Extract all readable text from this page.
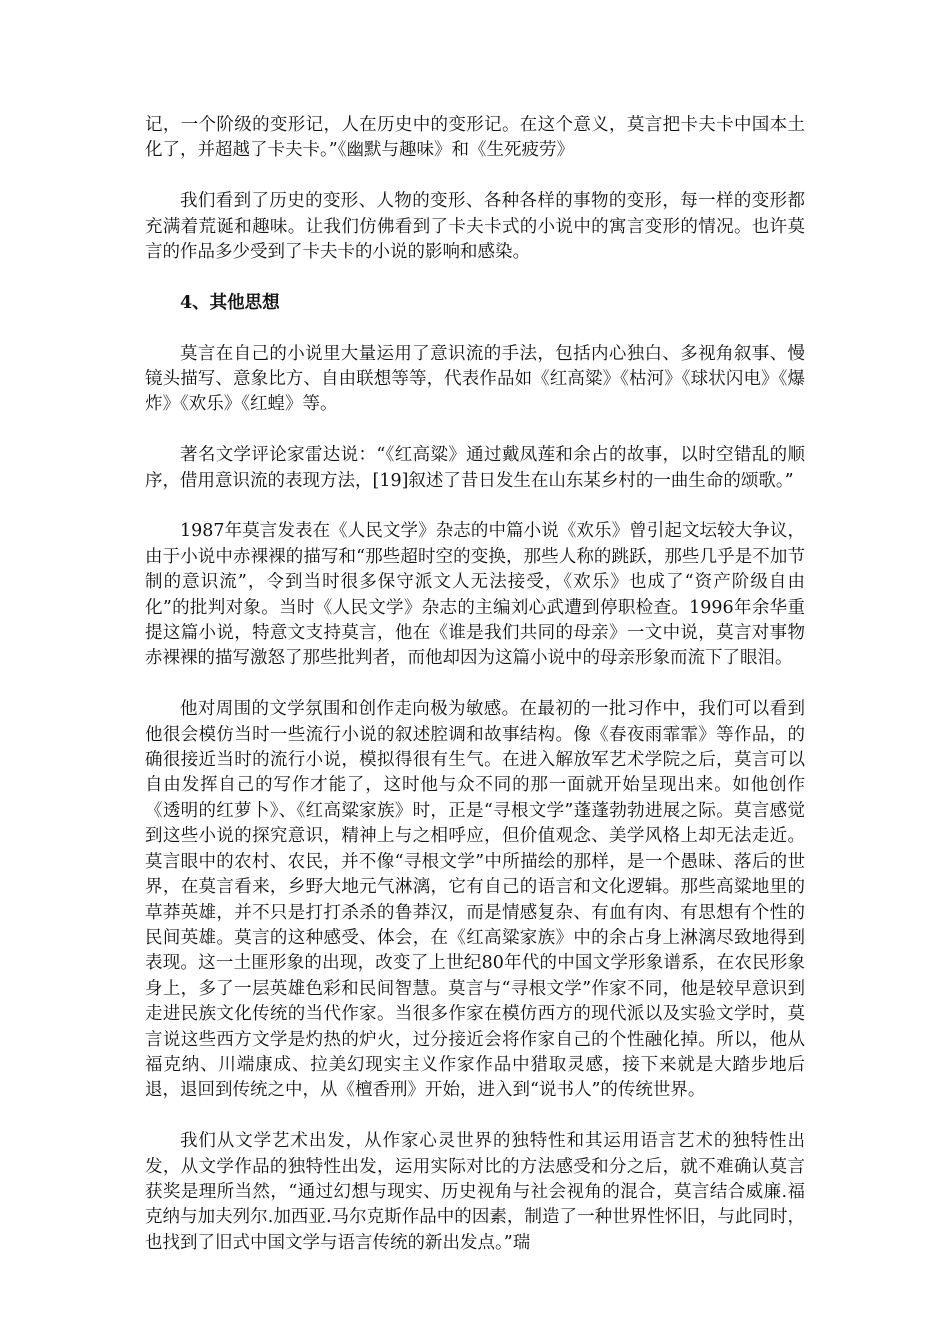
记，一个阶级的变形记，人在历史中的变形记。在这个意义，莫言把卡夫卡中国本土化了，并超越了卡夫卡。”《幽默与趣味》和《生死疲劳》

我们看到了历史的变形、人物的变形、各种各样的事物的变形，每一样的变形都充满着荒诞和趣味。让我们仿佛看到了卡夫卡式的小说中的寓言变形的情况。也许莫言的作品多少受到了卡夫卡的小说的影响和感染。

4、其他思想

莫言在自己的小说里大量运用了意识流的手法，包括内心独白、多视角叙事、慢镜头描写、意象比方、自由联想等等，代表作品如《红高粱》《枯河》《球状闪电》《爆炸》《欢乐》《红蝗》等。

著名文学评论家雷达说：“《红高粱》通过戴凤莲和余占的故事，以时空错乱的顺序，借用意识流的表现方法，[19]叙述了昔日发生在山东某乡村的一曲生命的颂歌。”

1987年莫言发表在《人民文学》杂志的中篇小说《欢乐》曾引起文坛较大争议，由于小说中赤裸裸的描写和“那些超时空的变换，那些人称的跳跃，那些几乎是不加节制的意识流”，令到当时很多保守派文人无法接受，《欢乐》也成了“资产阶级自由化”的批判对象。当时《人民文学》杂志的主编刘心武遭到停职检查。1996年余华重提这篇小说，特意文支持莫言，他在《谁是我们共同的母亲》一文中说，莫言对事物赤裸裸的描写激怒了那些批判者，而他却因为这篇小说中的母亲形象而流下了眼泪。

他对周围的文学氛围和创作走向极为敏感。在最初的一批习作中，我们可以看到他很会模仿当时一些流行小说的叙述腔调和故事结构。像《春夜雨霏霏》等作品，的确很接近当时的流行小说，模拟得很有生气。在进入解放军艺术学院之后，莫言可以自由发挥自己的写作才能了，这时他与众不同的那一面就开始呈现出来。如他创作《透明的红萝卜》、《红高粱家族》时，正是“寻根文学”蓬蓬勃勃进展之际。莫言感觉到这些小说的探究意识，精神上与之相呼应，但价值观念、美学风格上却无法走近。莫言眼中的农村、农民，并不像“寻根文学”中所描绘的那样，是一个愚昧、落后的世界，在莫言看来，乡野大地元气淋漓，它有自己的语言和文化逻辑。那些高粱地里的草莽英雄，并不只是打打杀杀的鲁莽汉，而是情感复杂、有血有肉、有思想有个性的民间英雄。莫言的这种感受、体会，在《红高粱家族》中的余占身上淋漓尽致地得到表现。这一土匪形象的出现，改变了上世纪80年代的中国文学形象谱系，在农民形象身上，多了一层英雄色彩和民间智慧。莫言与“寻根文学”作家不同，他是较早意识到走进民族文化传统的当代作家。当很多作家在模仿西方的现代派以及实验文学时，莫言说这些西方文学是灼热的炉火，过分接近会将作家自己的个性融化掉。所以，他从福克纳、川端康成、拉美幻现实主义作家作品中猎取灵感，接下来就是大踏步地后退，退回到传统之中，从《檀香刑》开始，进入到“说书人”的传统世界。

我们从文学艺术出发，从作家心灵世界的独特性和其运用语言艺术的独特性出发，从文学作品的独特性出发，运用实际对比的方法感受和分之后，就不难确认莫言获奖是理所当然，“通过幻想与现实、历史视角与社会视角的混合，莫言结合威廉.福克纳与加夫列尔.加西亚.马尔克斯作品中的因素，制造了一种世界性怀旧，与此同时，也找到了旧式中国文学与语言传统的新出发点。”瑞
